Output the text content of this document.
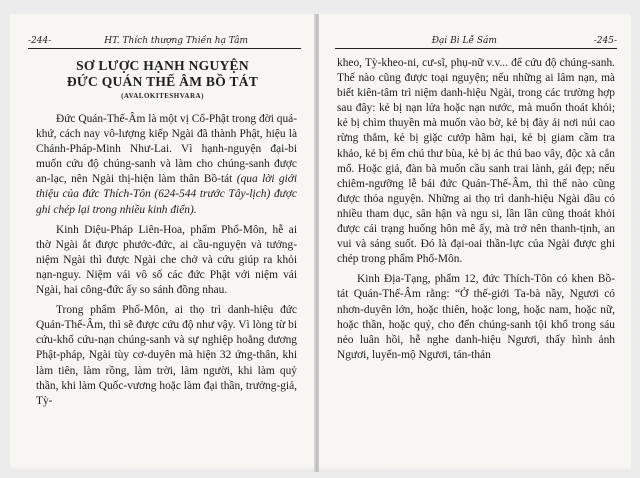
-244-	HT. Thích thượng Thiền hạ Tâm
SƠ LƯỢC HẠNH NGUYỆN
ĐỨC QUÁN THẾ ÂM BỒ TÁT
(AVALOKITESHVARA)

Đức Quán-Thế-Âm là một vị Cổ-Phật trong đời quá-khứ, cách nay vô-lượng kiếp Ngài đã thành Phật, hiệu là Chánh-Pháp-Minh Như-Lai. Vì hạnh-nguyện đại-bi muốn cứu độ chúng-sanh và làm cho chúng-sanh được an-lạc, nên Ngài thị-hiện làm thân Bồ-tát (qua lời giới thiệu của đức Thích-Tôn (624-544 trước Tây-lịch) được ghi chép lại trong nhiều kinh điển).

Kinh Diệu-Pháp Liên-Hoa, phẩm Phổ-Môn, hễ ai thờ Ngài ắt được phước-đức, ai cầu-nguyện và tưởng-niệm Ngài thì được Ngài che chở và cứu giúp ra khỏi nạn-nguy. Niệm vái vô số các đức Phật với niệm vái Ngài, hai công-đức ấy so sánh đồng nhau.

Trong phẩm Phổ-Môn, ai thọ trì danh-hiệu đức Quán-Thế-Âm, thì sẽ được cứu độ như vậy. Vì lòng từ bi cứu-khổ cứu-nạn chúng-sanh và sự nghiệp hoằng dương Phật-pháp, Ngài tùy cơ-duyên mà hiện 32 ứng-thân, khi làm tiên, làm rồng, làm trời, làm người, khi làm quỷ thần, khi làm Quốc-vương hoặc làm đại thần, trưởng-giả, Tỳ-

Đại Bi Lễ Sám	-245-

kheo, Tỳ-kheo-ni, cư-sĩ, phụ-nữ v.v... để cứu độ chúng-sanh. Thế nào cũng được toại nguyện; nếu những ai lâm nạn, mà biết kiên-tâm trì niệm danh-hiệu Ngài, trong các trường hợp sau đây: kẻ bị nạn lửa hoặc nạn nước, mà muốn thoát khỏi; kẻ bị chìm thuyền mà muốn vào bờ, kẻ bị đày ải nơi núi cao rừng thẳm, kẻ bị giặc cướp hãm hại, kẻ bị giam cầm tra khảo, kẻ bị ếm chú thư bùa, kẻ bị ác thú bao vây, độc xà cắn mổ. Hoặc giả, đàn bà muốn cầu sanh trai lành, gái đẹp; nếu chiêm-ngưỡng lễ bái đức Quán-Thế-Âm, thì thế nào cũng được thỏa nguyện. Những ai thọ trì danh-hiệu Ngài dầu có nhiều tham dục, sân hận và ngu si, lần lần cũng thoát khỏi được cái trạng huống hôn mê ấy, mà trở nên thanh-tịnh, an vui và sáng suốt. Đó là đại-oai thần-lực của Ngài được ghi chép trong phẩm Phổ-Môn.

Kinh Địa-Tạng, phẩm 12, đức Thích-Tôn có khen Bồ-tát Quán-Thế-Âm rằng: “Ở thế-giới Ta-bà nầy, Ngươi có nhơn-duyên lớn, hoặc thiên, hoặc long, hoặc nam, hoặc nữ, hoặc thần, hoặc quỷ, cho đến chúng-sanh tội khổ trong sáu nẻo luân hồi, hễ nghe danh-hiệu Ngươi, thấy hình ảnh Ngươi, luyến-mộ Ngươi, tán-thán
